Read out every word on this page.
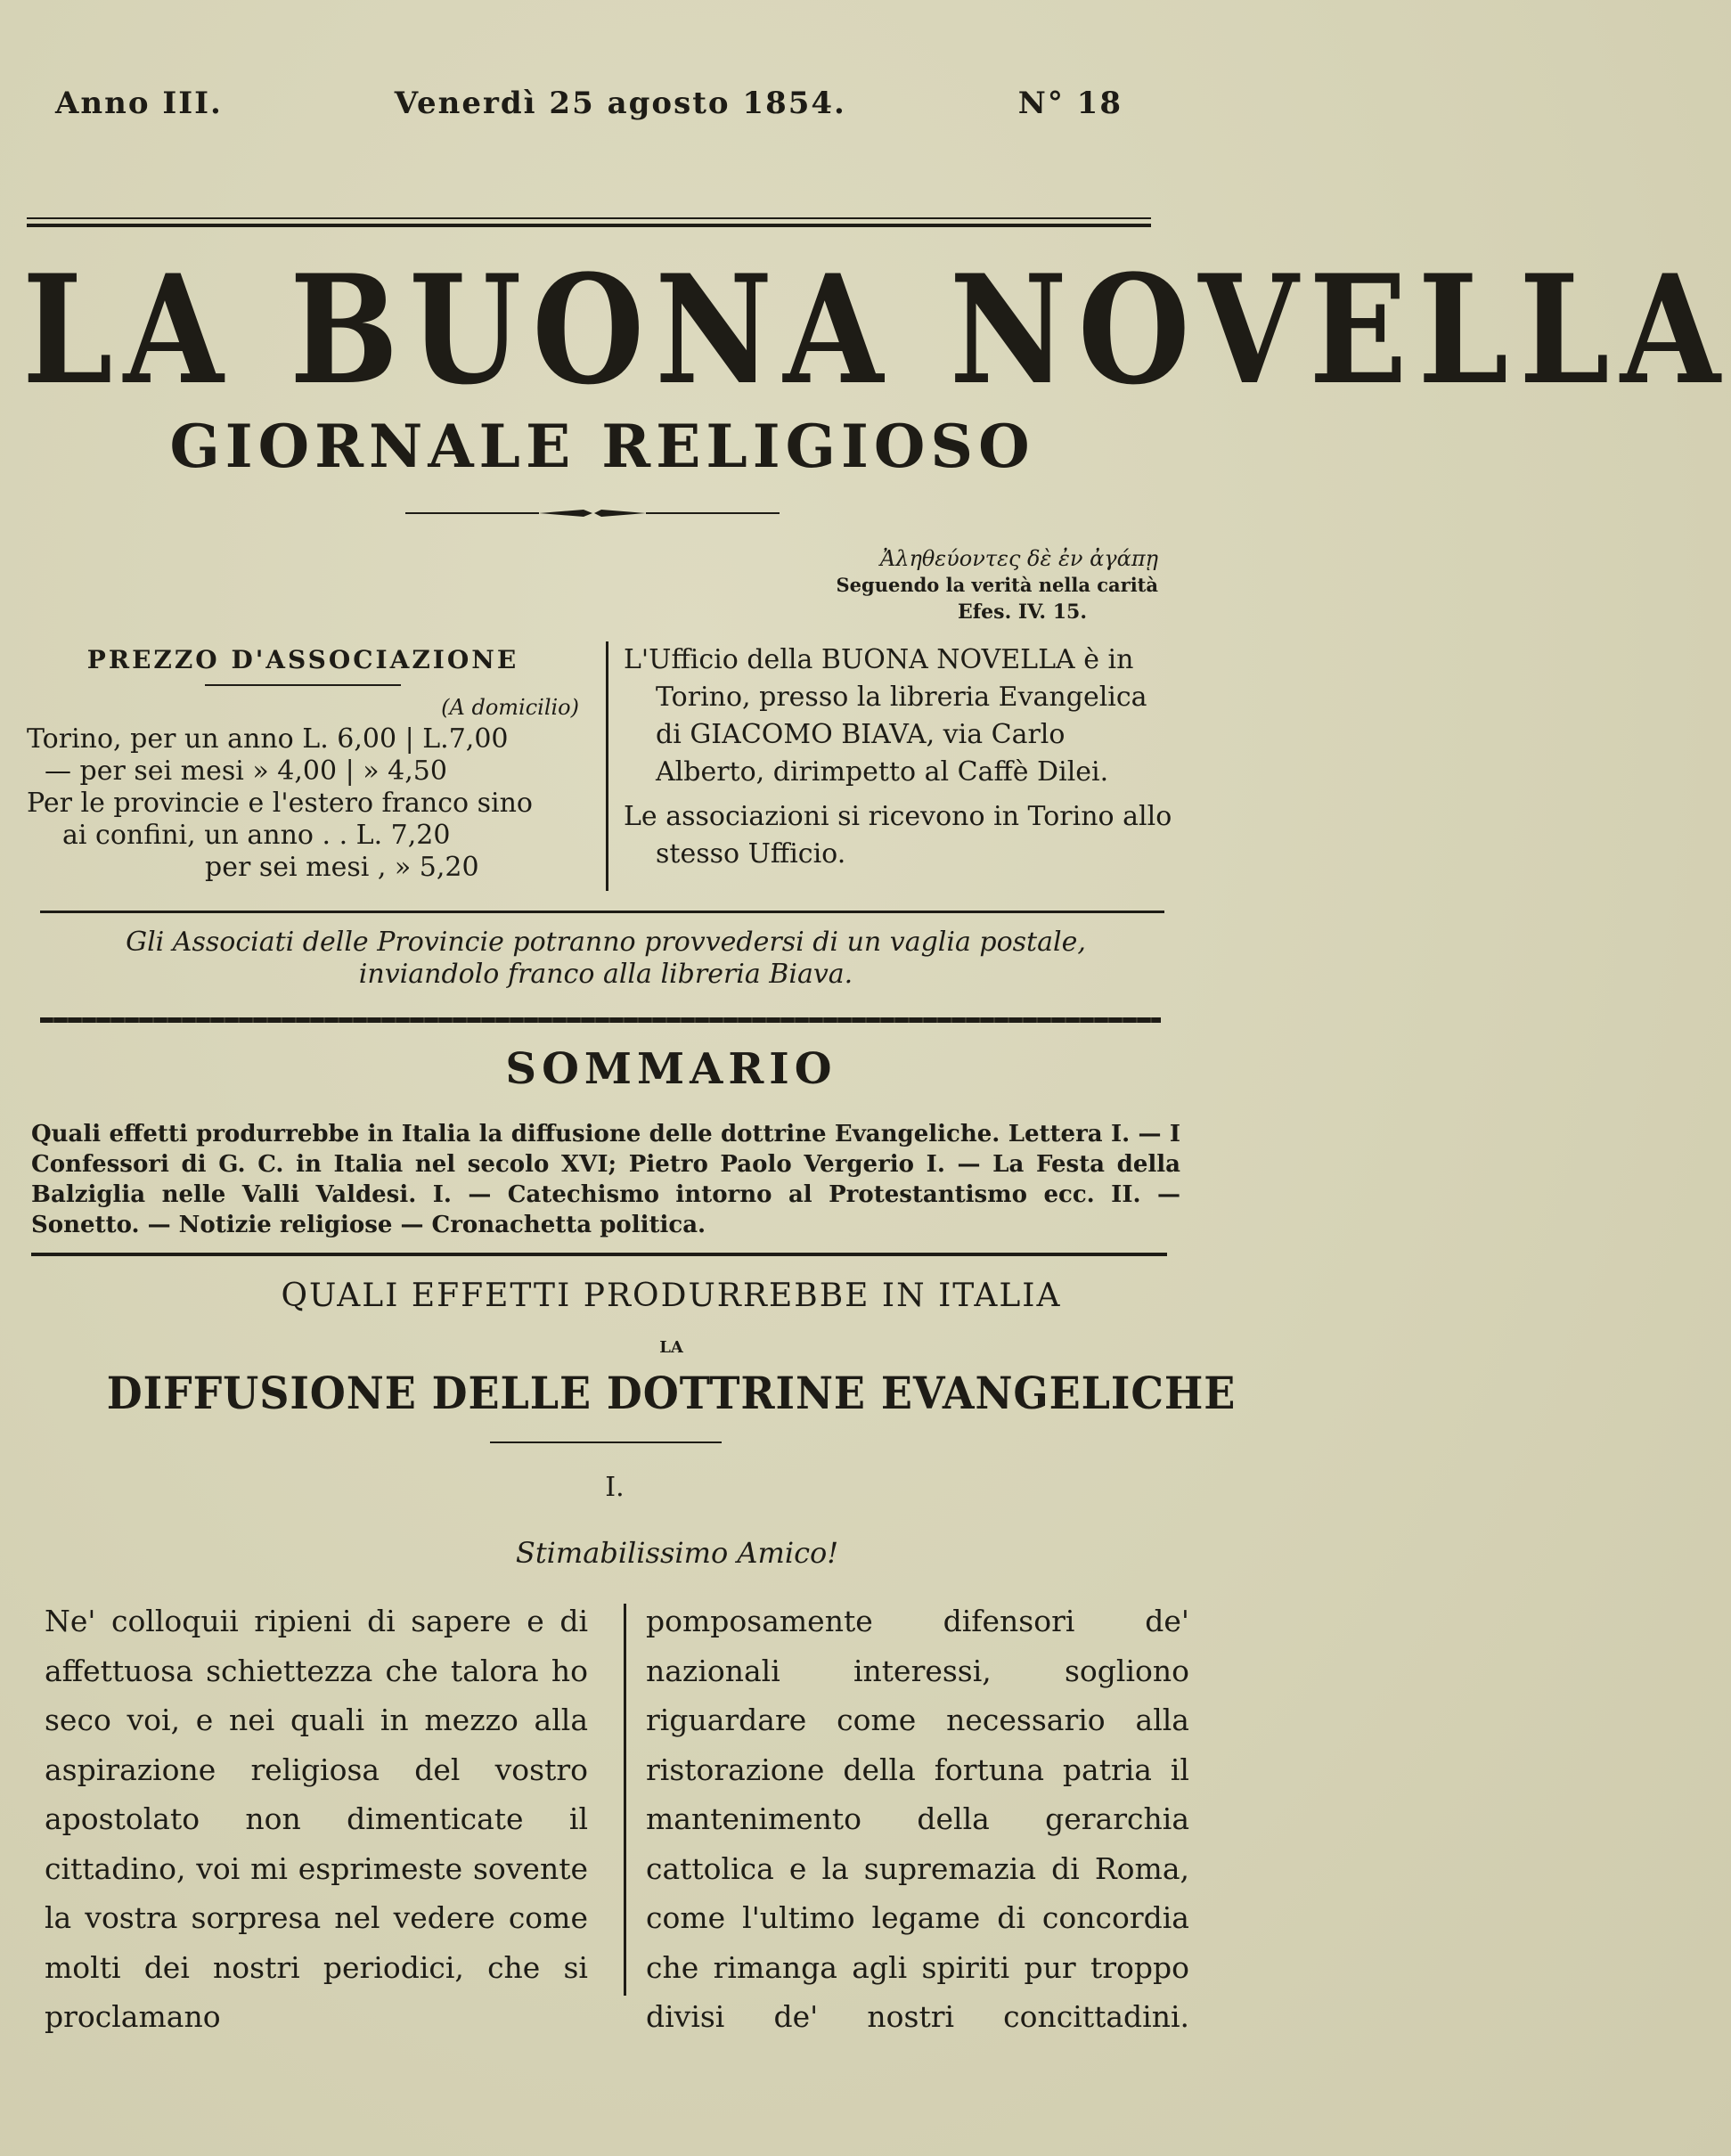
Anno III.	Venerdì 25 agosto 1854.	N° 18
LA BUONA NOVELLA
GIORNALE RELIGIOSO
Ἀληθεύοντες δὲ ἐν ἀγάπῃ
Seguendo la verità nella carità
Efes. IV. 15.
PREZZO D'ASSOCIAZIONE
(A domicilio)
Torino, per un anno L. 6,00 | L.7,00
— per sei mesi » 4,00 | » 4,50
Per le provincie e l'estero franco sino
ai confini, un anno . . L. 7,20
per sei mesi , » 5,20

L'Ufficio della BUONA NOVELLA è in Torino, presso la libreria Evangelica di GIACOMO BIAVA, via Carlo Alberto, dirimpetto al Caffè Dilei.

Le associazioni si ricevono in Torino allo stesso Ufficio.

Gli Associati delle Provincie potranno provvedersi di un vaglia postale,
inviandolo franco alla libreria Biava.
SOMMARIO
Quali effetti produrrebbe in Italia la diffusione delle dottrine Evangeliche. Lettera I. — I Confessori di G. C. in Italia nel secolo XVI; Pietro Paolo Vergerio I. — La Festa della Balziglia nelle Valli Valdesi. I. — Catechismo intorno al Protestantismo ecc. II. — Sonetto. — Notizie religiose — Cronachetta politica.
QUALI EFFETTI PRODURREBBE IN ITALIA
LA
DIFFUSIONE DELLE DOTTRINE EVANGELICHE
I.
Stimabilissimo Amico!
Ne' colloquii ripieni di sapere e di affettuosa schiettezza che talora ho seco voi, e nei quali in mezzo alla aspirazione religiosa del vostro apostolato non dimenticate il cittadino, voi mi esprimeste sovente la vostra sorpresa nel vedere come molti dei nostri periodici, che si proclamano
pomposamente difensori de' nazionali interessi, sogliono riguardare come necessario alla ristorazione della fortuna patria il mantenimento della gerarchia cattolica e la supremazia di Roma, come l'ultimo legame di concordia che rimanga agli spiriti pur troppo divisi de' nostri concittadini.
